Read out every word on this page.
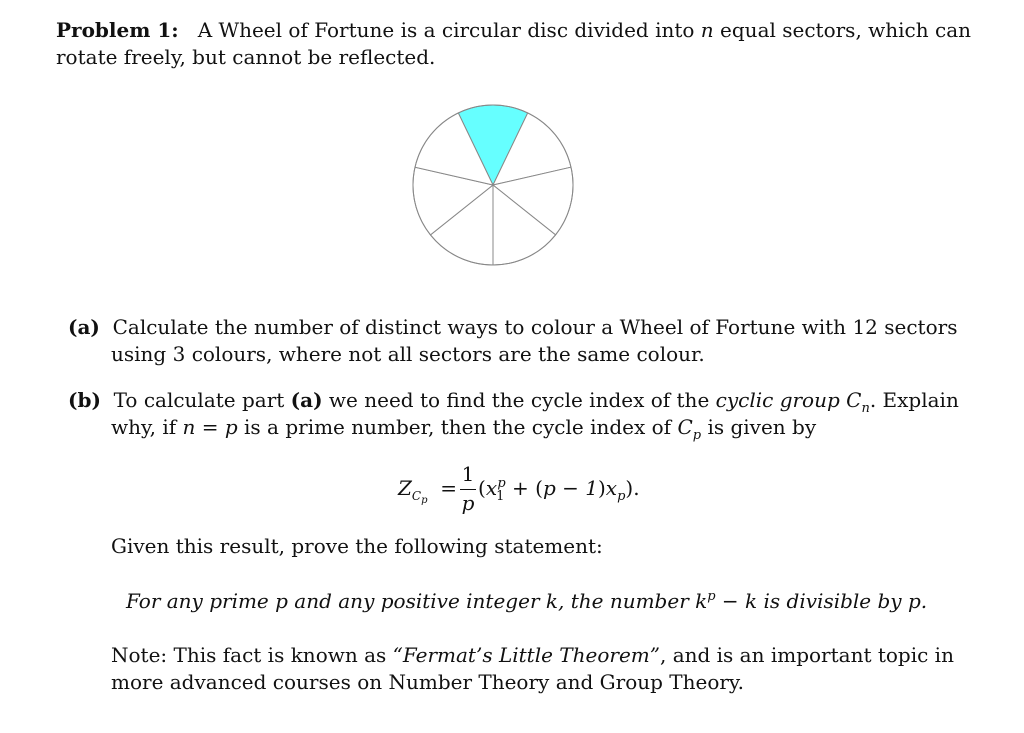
Problem 1: A Wheel of Fortune is a circular disc divided into n equal sectors, which can
rotate freely, but cannot be reflected.
(a) Calculate the number of distinct ways to colour a Wheel of Fortune with 12 sectors
using 3 colours, where not all sectors are the same colour.
(b) To calculate part (a) we need to find the cycle index of the cyclic group $C_n$. Explain
why, if n = p is a prime number, then the cycle index of $C_p$ is given by
$Z_{Cp}$  =
1
p
$(x_1^p + (p - 1)x_p)$.
Given this result, prove the following statement:
For any prime p and any positive integer k, the number $k^p - k$ is divisible by p.
Note: This fact is known as “Fermat’s Little Theorem”, and is an important topic in
more advanced courses on Number Theory and Group Theory.
